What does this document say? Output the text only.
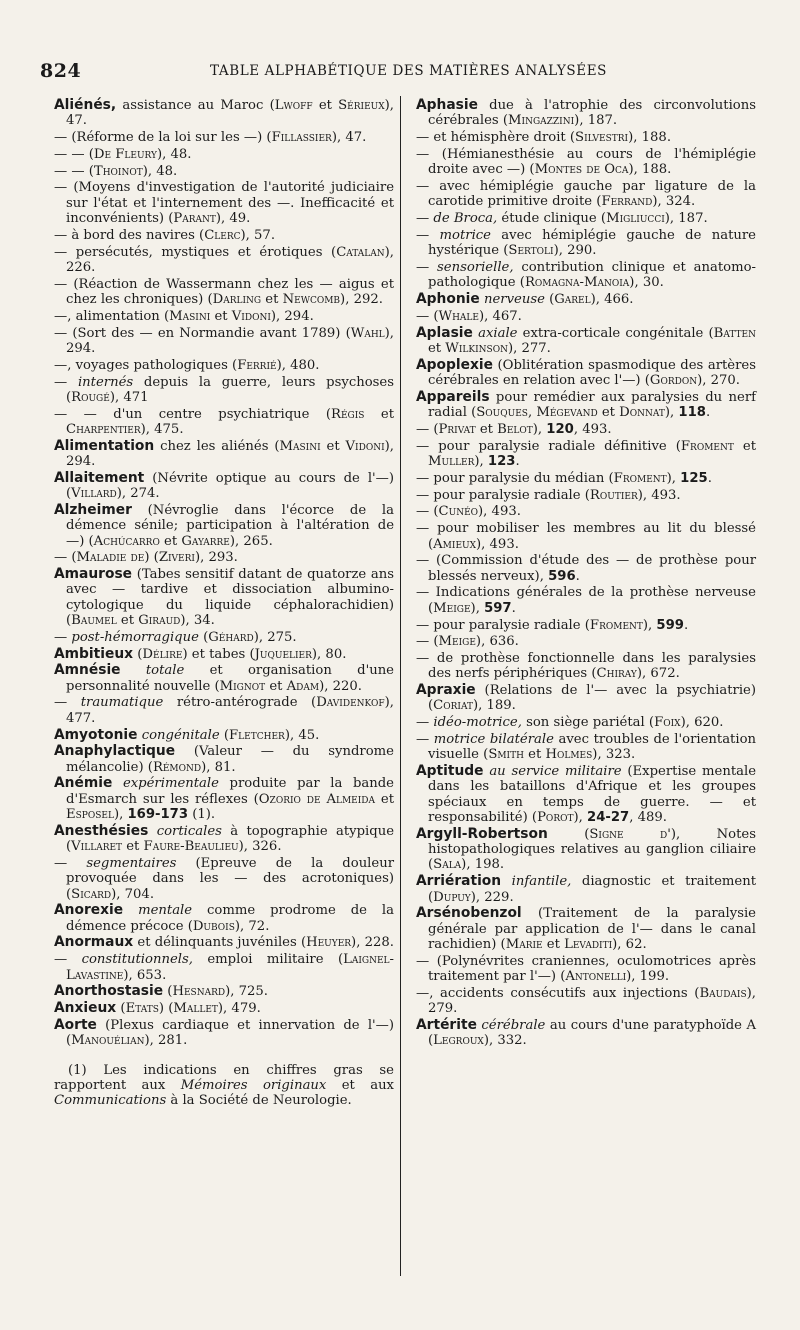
824	TABLE ALPHABÉTIQUE DES MATIÈRES ANALYSÉES
Aliénés, assistance au Maroc (Lwoff et Sérieux), 47.
— (Réforme de la loi sur les —) (Fillassier), 47.
— — (De Fleury), 48.
— — (Thoinot), 48.
— (Moyens d'investigation de l'autorité judiciaire sur l'état et l'internement des —. Inefficacité et inconvénients) (Parant), 49.
— à bord des navires (Clerc), 57.
— persécutés, mystiques et érotiques (Catalan), 226.
— (Réaction de Wassermann chez les — aigus et chez les chroniques) (Darling et Newcomb), 292.
—, alimentation (Masini et Vidoni), 294.
— (Sort des — en Normandie avant 1789) (Wahl), 294.
—, voyages pathologiques (Ferrié), 480.
— internés depuis la guerre, leurs psychoses (Rougé), 471
— — d'un centre psychiatrique (Régis et Charpentier), 475.
Alimentation chez les aliénés (Masini et Vidoni), 294.
Allaitement (Névrite optique au cours de l'—) (Villard), 274.
Alzheimer (Névroglie dans l'écorce de la démence sénile; participation à l'altération de —) (Achúcarro et Gayarre), 265.
— (Maladie de) (Ziveri), 293.
Amaurose (Tabes sensitif datant de quatorze ans avec — tardive et dissociation albumino-cytologique du liquide céphalorachidien) (Baumel et Giraud), 34.
— post-hémorragique (Géhard), 275.
Ambitieux (Délire) et tabes (Juquelier), 80.
Amnésie totale et organisation d'une personnalité nouvelle (Mignot et Adam), 220.
— traumatique rétro-antérograde (Davidenkof), 477.
Amyotonie congénitale (Fletcher), 45.
Anaphylactique (Valeur — du syndrome mélancolie) (Rémond), 81.
Anémie expérimentale produite par la bande d'Esmarch sur les réflexes (Ozorio de Almeida et Esposel), 169-173 (1).
Anesthésies corticales à topographie atypique (Villaret et Faure-Beaulieu), 326.
— segmentaires (Epreuve de la douleur provoquée dans les — des acrotoniques) (Sicard), 704.
Anorexie mentale comme prodrome de la démence précoce (Dubois), 72.
Anormaux et délinquants juvéniles (Heuyer), 228.
— constitutionnels, emploi militaire (Laignel-Lavastine), 653.
Anorthostasie (Hesnard), 725.
Anxieux (Etats) (Mallet), 479.
Aorte (Plexus cardiaque et innervation de l'—) (Manouélian), 281.
(1) Les indications en chiffres gras se rapportent aux Mémoires originaux et aux Communications à la Société de Neurologie.
Aphasie due à l'atrophie des circonvolutions cérébrales (Mingazzini), 187.
— et hémisphère droit (Silvestri), 188.
— (Hémianesthésie au cours de l'hémiplégie droite avec —) (Montes de Oca), 188.
— avec hémiplégie gauche par ligature de la carotide primitive droite (Ferrand), 324.
— de Broca, étude clinique (Migliucci), 187.
— motrice avec hémiplégie gauche de nature hystérique (Sertoli), 290.
— sensorielle, contribution clinique et anatomo-pathologique (Romagna-Manoia), 30.
Aphonie nerveuse (Garel), 466.
— (Whale), 467.
Aplasie axiale extra-corticale congénitale (Batten et Wilkinson), 277.
Apoplexie (Oblitération spasmodique des artères cérébrales en relation avec l'—) (Gordon), 270.
Appareils pour remédier aux paralysies du nerf radial (Souques, Mégevand et Donnat), 118.
— (Privat et Belot), 120, 493.
— pour paralysie radiale définitive (Froment et Muller), 123.
— pour paralysie du médian (Froment), 125.
— pour paralysie radiale (Routier), 493.
— (Cunéo), 493.
— pour mobiliser les membres au lit du blessé (Amieux), 493.
— (Commission d'étude des — de prothèse pour blessés nerveux), 596.
— Indications générales de la prothèse nerveuse (Meige), 597.
— pour paralysie radiale (Froment), 599.
— (Meige), 636.
— de prothèse fonctionnelle dans les paralysies des nerfs périphériques (Chiray), 672.
Apraxie (Relations de l'— avec la psychiatrie) (Coriat), 189.
— idéo-motrice, son siège pariétal (Foix), 620.
— motrice bilatérale avec troubles de l'orientation visuelle (Smith et Holmes), 323.
Aptitude au service militaire (Expertise mentale dans les bataillons d'Afrique et les groupes spéciaux en temps de guerre. — et responsabilité) (Porot), 24-27, 489.
Argyll-Robertson (Signe d'), Notes histopathologiques relatives au ganglion ciliaire (Sala), 198.
Arriération infantile, diagnostic et traitement (Dupuy), 229.
Arsénobenzol (Traitement de la paralysie générale par application de l'— dans le canal rachidien) (Marie et Levaditi), 62.
— (Polynévrites craniennes, oculomotrices après traitement par l'—) (Antonelli), 199.
—, accidents consécutifs aux injections (Baudais), 279.
Artérite cérébrale au cours d'une paratyphoïde A (Legroux), 332.
